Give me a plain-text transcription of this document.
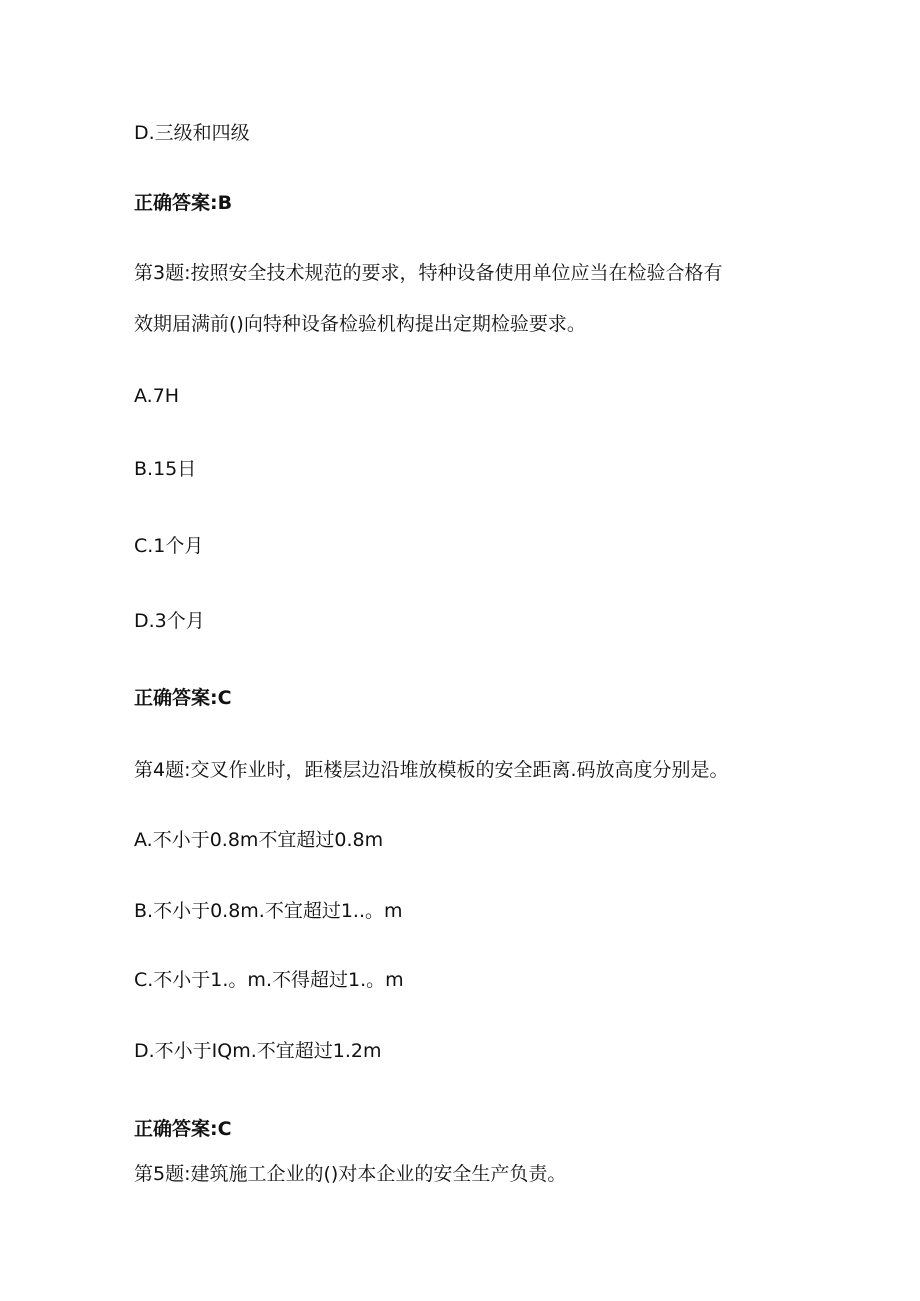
D.三级和四级
正确答案:B
第3题:按照安全技术规范的要求，特种设备使用单位应当在检验合格有
效期届满前()向特种设备检验机构提出定期检验要求。
A.7H
B.15日
C.1个月
D.3个月
正确答案:C
第4题:交叉作业时，距楼层边沿堆放模板的安全距离.码放高度分别是。
A.不小于0.8m不宜超过0.8m
B.不小于0.8m.不宜超过1..。m
C.不小于1.。m.不得超过1.。m
D.不小于IQm.不宜超过1.2m
正确答案:C
第5题:建筑施工企业的()对本企业的安全生产负责。
